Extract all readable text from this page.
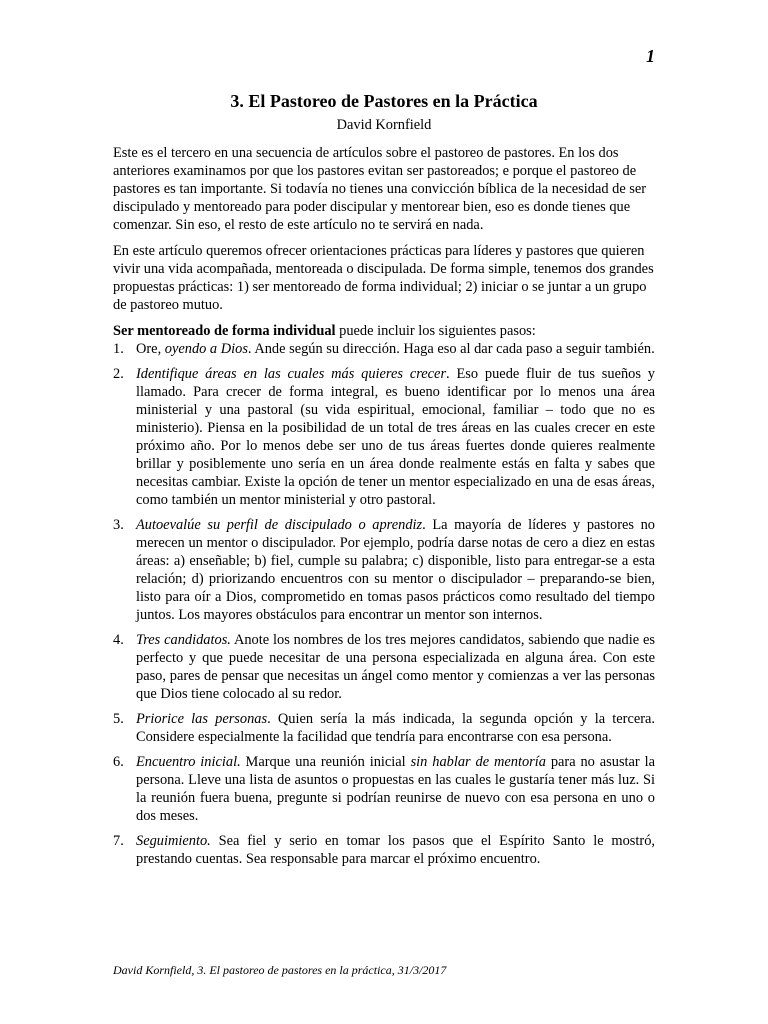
1
3. El Pastoreo de Pastores en la Práctica
David Kornfield

Este es el tercero en una secuencia de artículos sobre el pastoreo de pastores. En los dos anteriores examinamos por que los pastores evitan ser pastoreados; e porque el pastoreo de pastores es tan importante. Si todavía no tienes una convicción bíblica de la necesidad de ser discipulado y mentoreado para poder discipular y mentorear bien, eso es donde tienes que comenzar. Sin eso, el resto de este artículo no te servirá en nada.

En este artículo queremos ofrecer orientaciones prácticas para líderes y pastores que quieren vivir una vida acompañada, mentoreada o discipulada. De forma simple, tenemos dos grandes propuestas prácticas: 1) ser mentoreado de forma individual; 2) iniciar o se juntar a un grupo de pastoreo mutuo.

Ser mentoreado de forma individual puede incluir los siguientes pasos:

1. Ore, oyendo a Dios. Ande según su dirección. Haga eso al dar cada paso a seguir también.
2. Identifique áreas en las cuales más quieres crecer. Eso puede fluir de tus sueños y llamado. Para crecer de forma integral, es bueno identificar por lo menos una área ministerial y una pastoral (su vida espiritual, emocional, familiar – todo que no es ministerio). Piensa en la posibilidad de un total de tres áreas en las cuales crecer en este próximo año. Por lo menos debe ser uno de tus áreas fuertes donde quieres realmente brillar y posiblemente uno sería en un área donde realmente estás en falta y sabes que necesitas cambiar. Existe la opción de tener un mentor especializado en una de esas áreas, como también un mentor ministerial y otro pastoral.
3. Autoevalúe su perfil de discipulado o aprendiz. La mayoría de líderes y pastores no merecen un mentor o discipulador. Por ejemplo, podría darse notas de cero a diez en estas áreas: a) enseñable; b) fiel, cumple su palabra; c) disponible, listo para entregar-se a esta relación; d) priorizando encuentros con su mentor o discipulador – preparando-se bien, listo para oír a Dios, comprometido en tomas pasos prácticos como resultado del tiempo juntos. Los mayores obstáculos para encontrar un mentor son internos.
4. Tres candidatos. Anote los nombres de los tres mejores candidatos, sabiendo que nadie es perfecto y que puede necesitar de una persona especializada en alguna área. Con este paso, pares de pensar que necesitas un ángel como mentor y comienzas a ver las personas que Dios tiene colocado al su redor.
5. Priorice las personas. Quien sería la más indicada, la segunda opción y la tercera. Considere especialmente la facilidad que tendría para encontrarse con esa persona.
6. Encuentro inicial. Marque una reunión inicial sin hablar de mentoría para no asustar la persona. Lleve una lista de asuntos o propuestas en las cuales le gustaría tener más luz. Si la reunión fuera buena, pregunte si podrían reunirse de nuevo con esa persona en uno o dos meses.
7. Seguimiento. Sea fiel y serio en tomar los pasos que el Espírito Santo le mostró, prestando cuentas. Sea responsable para marcar el próximo encuentro.
David Kornfield, 3. El pastoreo de pastores en la práctica, 31/3/2017
